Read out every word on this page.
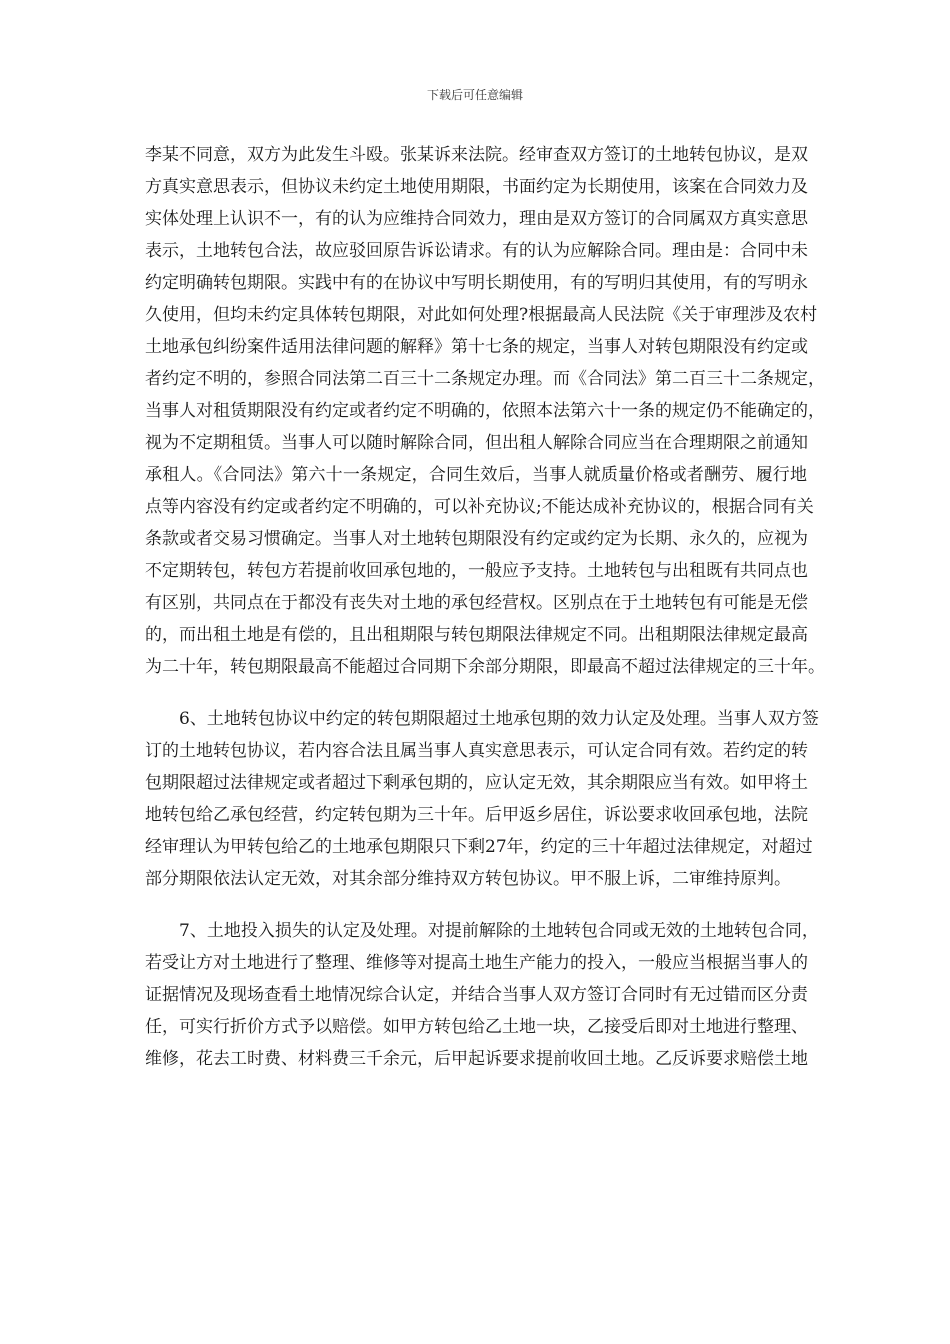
下载后可任意编辑
李某不同意，双方为此发生斗殴。张某诉来法院。经审查双方签订的土地转包协议，是双
方真实意思表示，但协议未约定土地使用期限，书面约定为长期使用，该案在合同效力及
实体处理上认识不一，有的认为应维持合同效力，理由是双方签订的合同属双方真实意思
表示，土地转包合法，故应驳回原告诉讼请求。有的认为应解除合同。理由是：合同中未
约定明确转包期限。实践中有的在协议中写明长期使用，有的写明归其使用，有的写明永
久使用，但均未约定具体转包期限，对此如何处理?根据最高人民法院《关于审理涉及农村
土地承包纠纷案件适用法律问题的解释》第十七条的规定，当事人对转包期限没有约定或
者约定不明的，参照合同法第二百三十二条规定办理。而《合同法》第二百三十二条规定，
当事人对租赁期限没有约定或者约定不明确的，依照本法第六十一条的规定仍不能确定的，
视为不定期租赁。当事人可以随时解除合同，但出租人解除合同应当在合理期限之前通知
承租人。《合同法》第六十一条规定，合同生效后，当事人就质量价格或者酬劳、履行地
点等内容没有约定或者约定不明确的，可以补充协议;不能达成补充协议的，根据合同有关
条款或者交易习惯确定。当事人对土地转包期限没有约定或约定为长期、永久的，应视为
不定期转包，转包方若提前收回承包地的，一般应予支持。土地转包与出租既有共同点也
有区别，共同点在于都没有丧失对土地的承包经营权。区别点在于土地转包有可能是无偿
的，而出租土地是有偿的，且出租期限与转包期限法律规定不同。出租期限法律规定最高
为二十年，转包期限最高不能超过合同期下余部分期限，即最高不超过法律规定的三十年。
6、土地转包协议中约定的转包期限超过土地承包期的效力认定及处理。当事人双方签
订的土地转包协议，若内容合法且属当事人真实意思表示，可认定合同有效。若约定的转
包期限超过法律规定或者超过下剩承包期的，应认定无效，其余期限应当有效。如甲将土
地转包给乙承包经营，约定转包期为三十年。后甲返乡居住，诉讼要求收回承包地，法院
经审理认为甲转包给乙的土地承包期限只下剩27年，约定的三十年超过法律规定，对超过
部分期限依法认定无效，对其余部分维持双方转包协议。甲不服上诉，二审维持原判。
7、土地投入损失的认定及处理。对提前解除的土地转包合同或无效的土地转包合同，
若受让方对土地进行了整理、维修等对提高土地生产能力的投入，一般应当根据当事人的
证据情况及现场查看土地情况综合认定，并结合当事人双方签订合同时有无过错而区分责
任，可实行折价方式予以赔偿。如甲方转包给乙土地一块，乙接受后即对土地进行整理、
维修，花去工时费、材料费三千余元，后甲起诉要求提前收回土地。乙反诉要求赔偿土地
